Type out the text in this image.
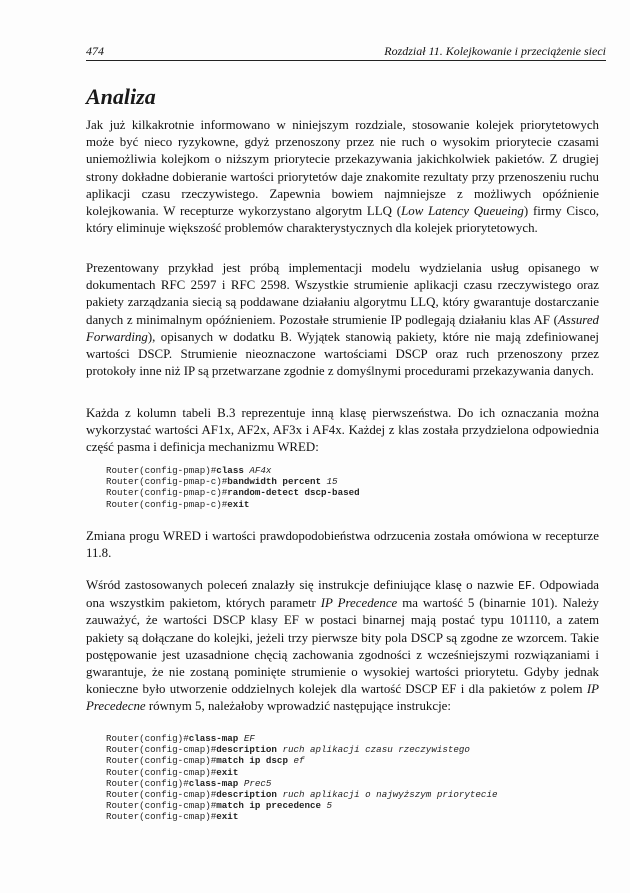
474	Rozdział 11. Kolejkowanie i przeciążenie sieci
Analiza

Jak już kilkakrotnie informowano w niniejszym rozdziale, stosowanie kolejek priorytetowych może być nieco ryzykowne, gdyż przenoszony przez nie ruch o wysokim priorytecie czasami uniemożliwia kolejkom o niższym priorytecie przekazywania jakichkolwiek pakietów. Z drugiej strony dokładne dobieranie wartości priorytetów daje znakomite rezultaty przy przenoszeniu ruchu aplikacji czasu rzeczywistego. Zapewnia bowiem najmniejsze z możliwych opóźnienie kolejkowania. W recepturze wykorzystano algorytm LLQ (Low Latency Queueing) firmy Cisco, który eliminuje większość problemów charakterystycznych dla kolejek priorytetowych.

Prezentowany przykład jest próbą implementacji modelu wydzielania usług opisanego w dokumentach RFC 2597 i RFC 2598. Wszystkie strumienie aplikacji czasu rzeczywistego oraz pakiety zarządzania siecią są poddawane działaniu algorytmu LLQ, który gwarantuje dostarczanie danych z minimalnym opóźnieniem. Pozostałe strumienie IP podlegają działaniu klas AF (Assured Forwarding), opisanych w dodatku B. Wyjątek stanowią pakiety, które nie mają zdefiniowanej wartości DSCP. Strumienie nieoznaczone wartościami DSCP oraz ruch przenoszony przez protokoły inne niż IP są przetwarzane zgodnie z domyślnymi procedurami przekazywania danych.

Każda z kolumn tabeli B.3 reprezentuje inną klasę pierwszeństwa. Do ich oznaczania można wykorzystać wartości AF1x, AF2x, AF3x i AF4x. Każdej z klas została przydzielona odpowiednia część pasma i definicja mechanizmu WRED:

Router(config-pmap)#class AF4x
Router(config-pmap-c)#bandwidth percent 15
Router(config-pmap-c)#random-detect dscp-based
Router(config-pmap-c)#exit

Zmiana progu WRED i wartości prawdopodobieństwa odrzucenia została omówiona w recepturze 11.8.

Wśród zastosowanych poleceń znalazły się instrukcje definiujące klasę o nazwie EF. Odpowiada ona wszystkim pakietom, których parametr IP Precedence ma wartość 5 (binarnie 101). Należy zauważyć, że wartości DSCP klasy EF w postaci binarnej mają postać typu 101110, a zatem pakiety są dołączane do kolejki, jeżeli trzy pierwsze bity pola DSCP są zgodne ze wzorcem. Takie postępowanie jest uzasadnione chęcią zachowania zgodności z wcześniejszymi rozwiązaniami i gwarantuje, że nie zostaną pominięte strumienie o wysokiej wartości priorytetu. Gdyby jednak konieczne było utworzenie oddzielnych kolejek dla wartość DSCP EF i dla pakietów z polem IP Precedecne równym 5, należałoby wprowadzić następujące instrukcje:

Router(config)#class-map EF
Router(config-cmap)#description ruch aplikacji czasu rzeczywistego
Router(config-cmap)#match ip dscp ef
Router(config-cmap)#exit
Router(config)#class-map Prec5
Router(config-cmap)#description ruch aplikacji o najwyższym priorytecie
Router(config-cmap)#match ip precedence 5
Router(config-cmap)#exit
